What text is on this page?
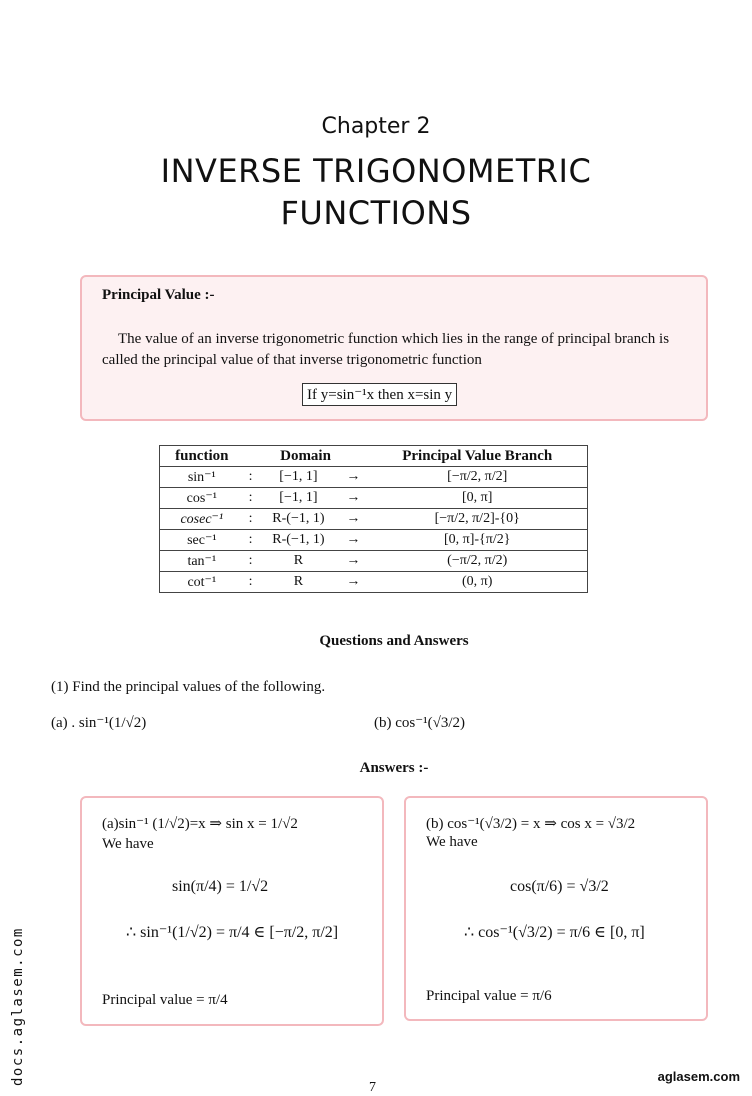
Chapter 2
INVERSE TRIGONOMETRIC
FUNCTIONS
Principal Value :-
The value of an inverse trigonometric function which lies in the range of principal branch is called the principal value of that inverse trigonometric function
If y=sin⁻¹x then x=sin y
function	Domain			Principal Value Branch
sin⁻¹	:	[−1, 1]	→	[−π/2, π/2]
cos⁻¹	:	[−1, 1]	→	[0, π]
cosec⁻¹	:	R-(−1, 1)	→	[−π/2, π/2]-{0}
sec⁻¹	:	R-(−1, 1)	→	[0, π]-{π/2}
tan⁻¹	:	R	→	(−π/2, π/2)
cot⁻¹	:	R	→	(0, π)
Questions and Answers
(1) Find the principal values of the following.
(a) . sin⁻¹(1/√2)	(b) cos⁻¹(√3/2)
Answers :-
(a)sin⁻¹ (1/√2)=x ⇒ sin x = 1/√2
We have
sin(π/4) = 1/√2
∴ sin⁻¹(1/√2) = π/4 ∈ [−π/2, π/2]
Principal value = π/4
(b) cos⁻¹(√3/2) = x ⇒ cos x = √3/2
We have
cos(π/6) = √3/2
∴ cos⁻¹(√3/2) = π/6 ∈ [0, π]
Principal value = π/6
docs.aglasem.com	aglasem.com
7
